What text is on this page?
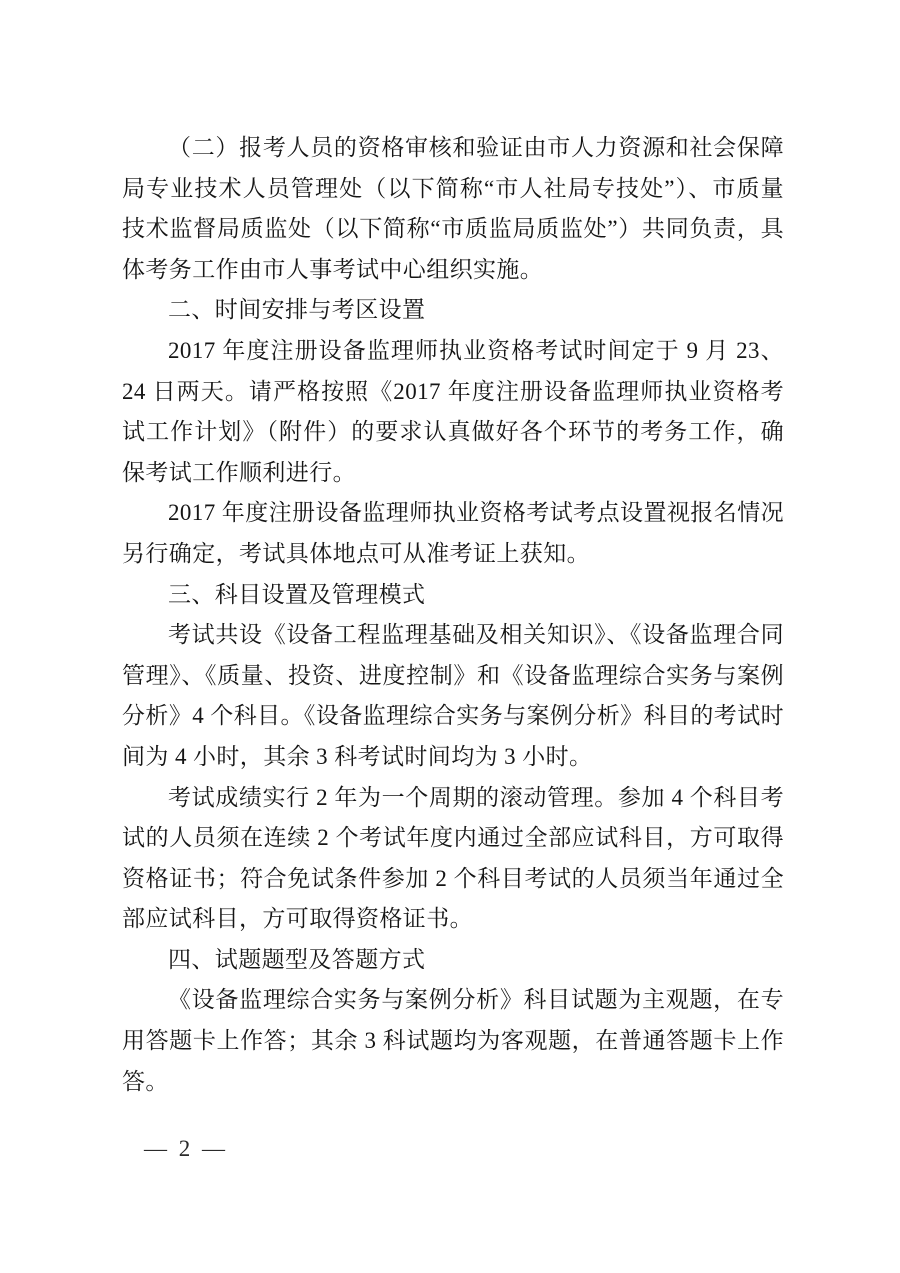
（二）报考人员的资格审核和验证由市人力资源和社会保障局专业技术人员管理处（以下简称“市人社局专技处”）、市质量技术监督局质监处（以下简称“市质监局质监处”）共同负责，具体考务工作由市人事考试中心组织实施。

二、时间安排与考区设置

2017 年度注册设备监理师执业资格考试时间定于 9 月 23、24 日两天。请严格按照《2017 年度注册设备监理师执业资格考试工作计划》（附件）的要求认真做好各个环节的考务工作，确保考试工作顺利进行。

2017 年度注册设备监理师执业资格考试考点设置视报名情况另行确定，考试具体地点可从准考证上获知。

三、科目设置及管理模式

考试共设《设备工程监理基础及相关知识》、《设备监理合同管理》、《质量、投资、进度控制》和《设备监理综合实务与案例分析》4 个科目。《设备监理综合实务与案例分析》科目的考试时间为 4 小时，其余 3 科考试时间均为 3 小时。

考试成绩实行 2 年为一个周期的滚动管理。参加 4 个科目考试的人员须在连续 2 个考试年度内通过全部应试科目，方可取得资格证书；符合免试条件参加 2 个科目考试的人员须当年通过全部应试科目，方可取得资格证书。

四、试题题型及答题方式

《设备监理综合实务与案例分析》科目试题为主观题，在专用答题卡上作答；其余 3 科试题均为客观题，在普通答题卡上作答。

— 2 —
